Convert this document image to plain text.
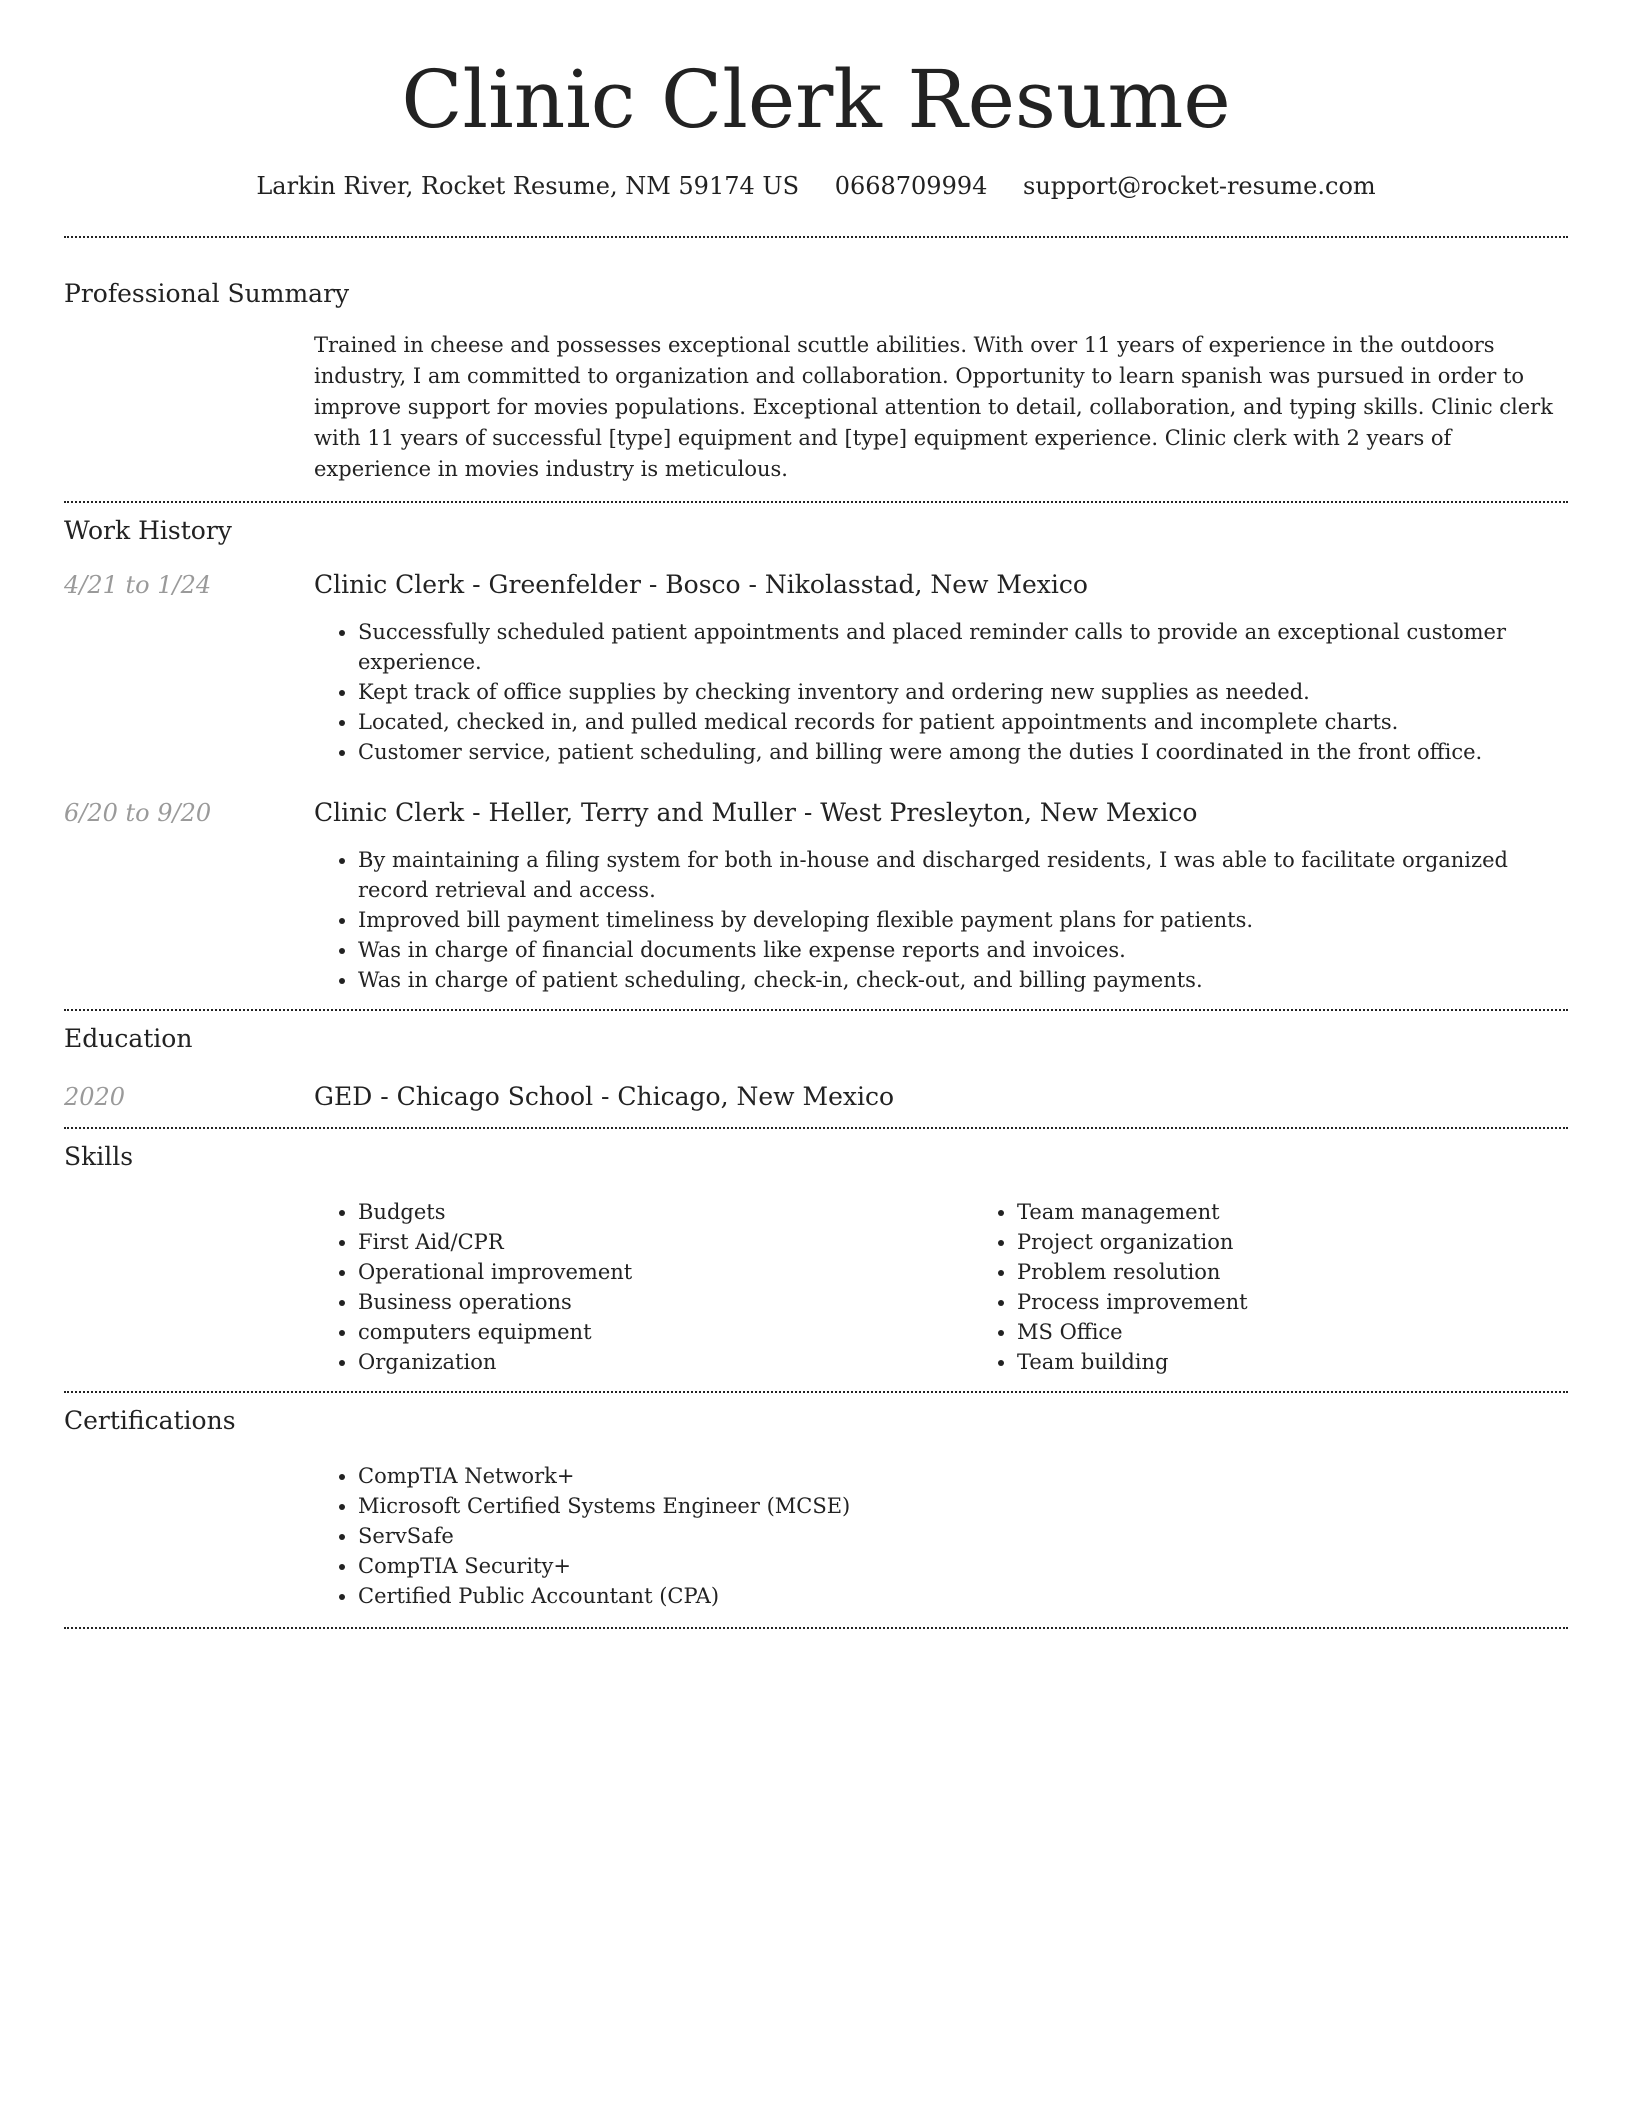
Clinic Clerk Resume
Larkin River, Rocket Resume, NM 59174 US 0668709994 support@rocket-resume.com
Professional Summary

Trained in cheese and possesses exceptional scuttle abilities. With over 11 years of experience in the outdoors industry, I am committed to organization and collaboration. Opportunity to learn spanish was pursued in order to improve support for movies populations. Exceptional attention to detail, collaboration, and typing skills. Clinic clerk with 11 years of successful [type] equipment and [type] equipment experience. Clinic clerk with 2 years of experience in movies industry is meticulous.

Work History
4/21 to 1/24	Clinic Clerk - Greenfelder - Bosco - Nikolasstad, New Mexico
• Successfully scheduled patient appointments and placed reminder calls to provide an exceptional customer experience.
• Kept track of office supplies by checking inventory and ordering new supplies as needed.
• Located, checked in, and pulled medical records for patient appointments and incomplete charts.
• Customer service, patient scheduling, and billing were among the duties I coordinated in the front office.
6/20 to 9/20	Clinic Clerk - Heller, Terry and Muller - West Presleyton, New Mexico
• By maintaining a filing system for both in-house and discharged residents, I was able to facilitate organized record retrieval and access.
• Improved bill payment timeliness by developing flexible payment plans for patients.
• Was in charge of financial documents like expense reports and invoices.
• Was in charge of patient scheduling, check-in, check-out, and billing payments.
Education
2020	GED - Chicago School - Chicago, New Mexico
Skills
• Budgets
• First Aid/CPR
• Operational improvement
• Business operations
• computers equipment
• Organization
• Team management
• Project organization
• Problem resolution
• Process improvement
• MS Office
• Team building
Certifications
• CompTIA Network+
• Microsoft Certified Systems Engineer (MCSE)
• ServSafe
• CompTIA Security+
• Certified Public Accountant (CPA)
